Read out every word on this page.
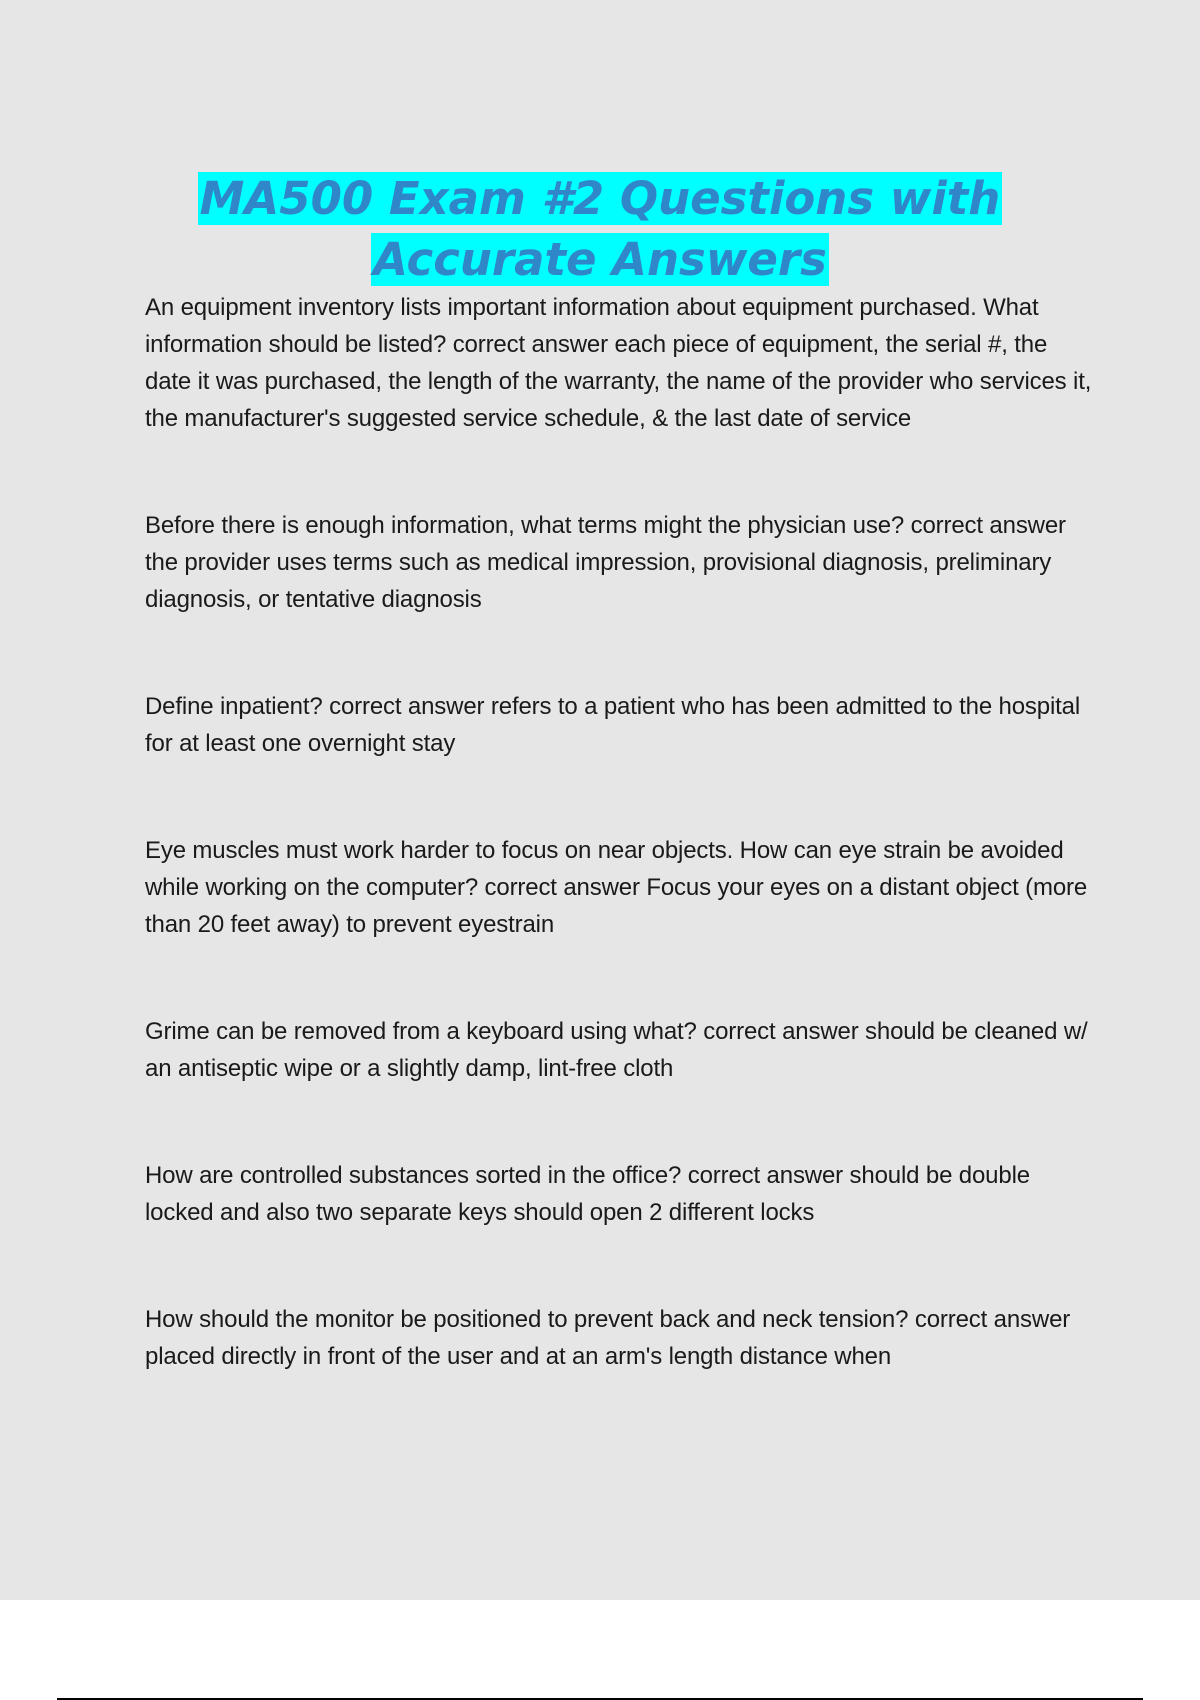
MA500 Exam #2 Questions with
Accurate Answers

An equipment inventory lists important information about equipment purchased. What information should be listed? correct answer each piece of equipment, the serial #, the date it was purchased, the length of the warranty, the name of the provider who services it, the manufacturer's suggested service schedule, & the last date of service

Before there is enough information, what terms might the physician use? correct answer the provider uses terms such as medical impression, provisional diagnosis, preliminary diagnosis, or tentative diagnosis

Define inpatient? correct answer refers to a patient who has been admitted to the hospital for at least one overnight stay

Eye muscles must work harder to focus on near objects. How can eye strain be avoided while working on the computer? correct answer Focus your eyes on a distant object (more than 20 feet away) to prevent eyestrain

Grime can be removed from a keyboard using what? correct answer should be cleaned w/ an antiseptic wipe or a slightly damp, lint-free cloth

How are controlled substances sorted in the office? correct answer should be double locked and also two separate keys should open 2 different locks

How should the monitor be positioned to prevent back and neck tension? correct answer placed directly in front of the user and at an arm's length distance when
